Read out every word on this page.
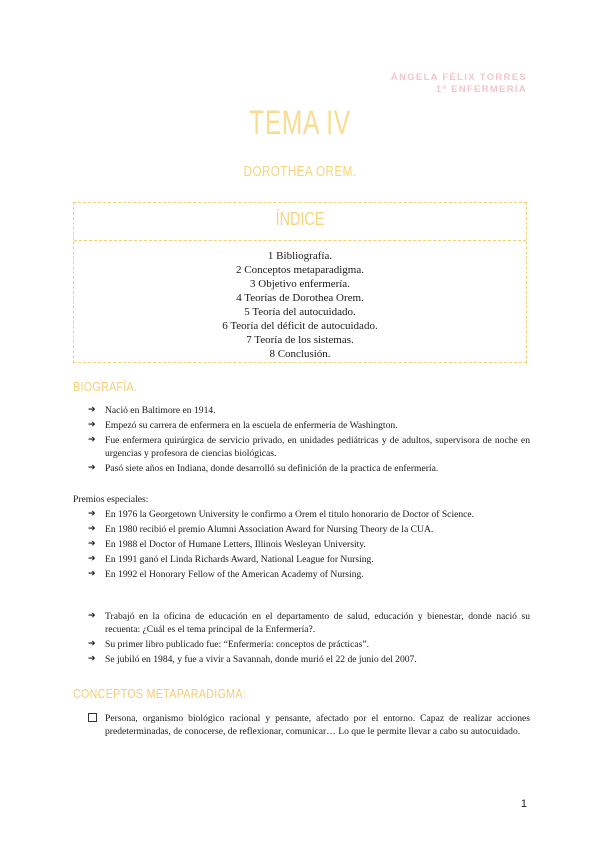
ÁNGELA FÉLIX TORRES
1º ENFERMERÍA
TEMA IV
DOROTHEA OREM.
ÍNDICE
1 Bibliografía.
2 Conceptos metaparadigma.
3 Objetivo enfermería.
4 Teorías de Dorothea Orem.
5 Teoría del autocuidado.
6 Teoría del déficit de autocuidado.
7 Teoría de los sistemas.
8 Conclusión.
BIOGRAFÍA.
➔ Nació en Baltimore en 1914.
➔ Empezó su carrera de enfermera en la escuela de enfermería de Washington.
➔ Fue enfermera quirúrgica de servicio privado, en unidades pediátricas y de adultos, supervisora de noche en urgencias y profesora de ciencias biológicas.
➔ Pasó siete años en Indiana, donde desarrolló su definición de la practica de enfermería.
Premios especiales:
➔ En 1976 la Georgetown University le confirmo a Orem el titulo honorario de Doctor of Science.
➔ En 1980 recibió el premio Alumni Association Award for Nursing Theory de la CUA.
➔ En 1988 el Doctor of Humane Letters, Illinois Wesleyan University.
➔ En 1991 ganó el Linda Richards Award, National League for Nursing.
➔ En 1992 el Honorary Fellow of the American Academy of Nursing.
➔ Trabajó en la oficina de educación en el departamento de salud, educación y bienestar, donde nació su recuenta: ¿Cuál es el tema principal de la Enfermería?.
➔ Su primer libro publicado fue: “Enfermería: conceptos de prácticas”.
➔ Se jubiló en 1984, y fue a vivir a Savannah, donde murió el 22 de junio del 2007.
CONCEPTOS METAPARADIGMA:
Persona, organismo biológico racional y pensante, afectado por el entorno. Capaz de realizar acciones predeterminadas, de conocerse, de reflexionar, comunicar… Lo que le permite llevar a cabo su autocuidado.
1
